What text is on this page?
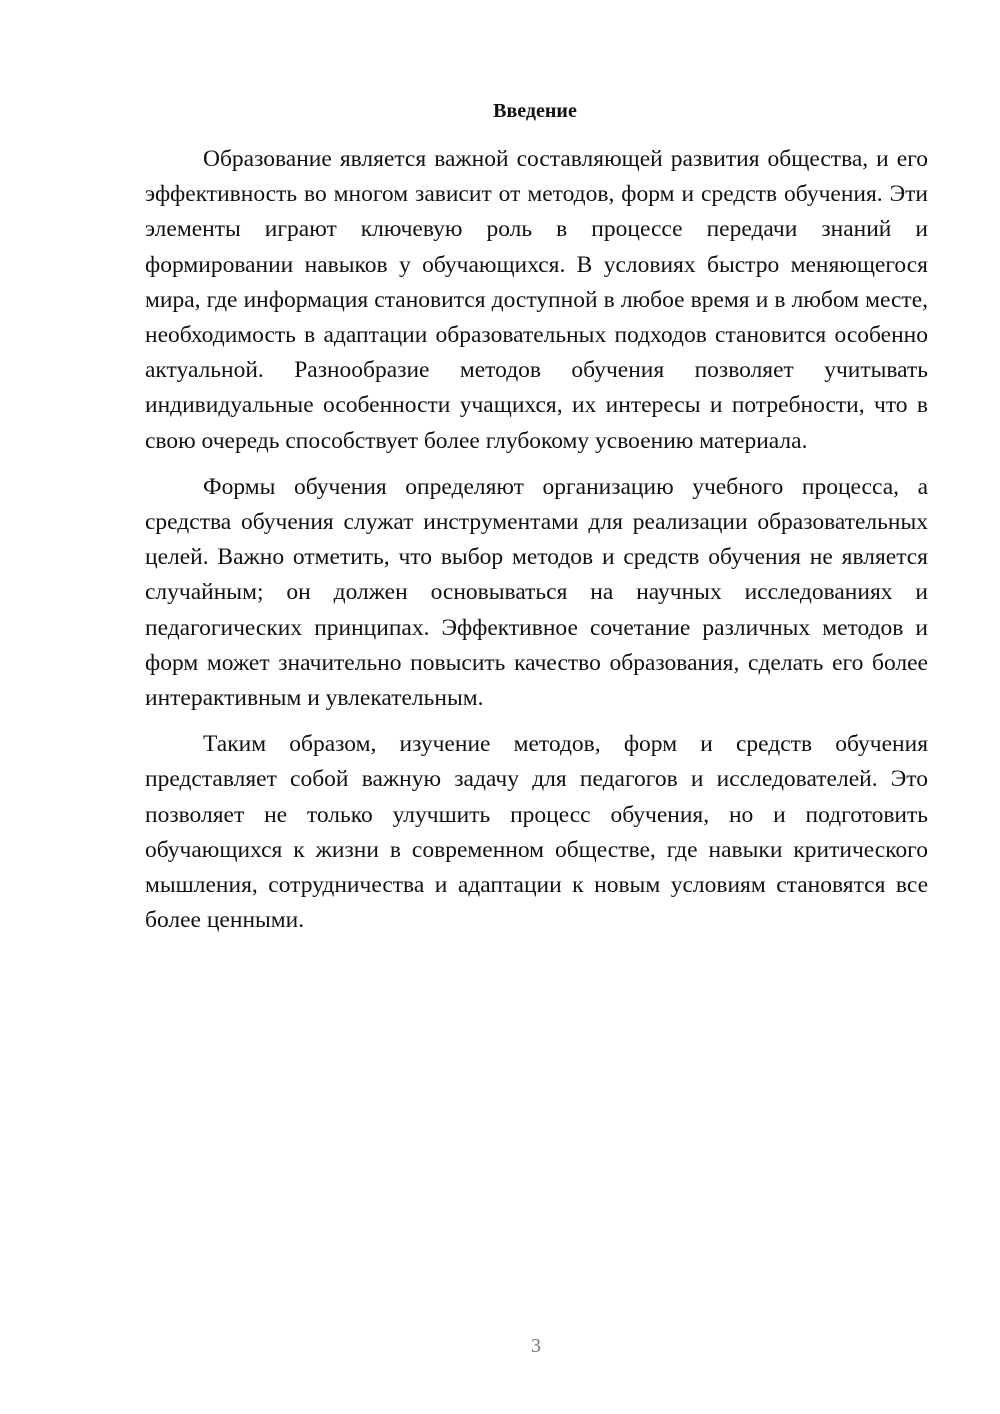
Введение

Образование является важной составляющей развития общества, и его эффективность во многом зависит от методов, форм и средств обучения. Эти элементы играют ключевую роль в процессе передачи знаний и формировании навыков у обучающихся. В условиях быстро меняющегося мира, где информация становится доступной в любое время и в любом месте, необходимость в адаптации образовательных подходов становится особенно актуальной. Разнообразие методов обучения позволяет учитывать индивидуальные особенности учащихся, их интересы и потребности, что в свою очередь способствует более глубокому усвоению материала.

Формы обучения определяют организацию учебного процесса, а средства обучения служат инструментами для реализации образовательных целей. Важно отметить, что выбор методов и средств обучения не является случайным; он должен основываться на научных исследованиях и педагогических принципах. Эффективное сочетание различных методов и форм может значительно повысить качество образования, сделать его более интерактивным и увлекательным.

Таким образом, изучение методов, форм и средств обучения представляет собой важную задачу для педагогов и исследователей. Это позволяет не только улучшить процесс обучения, но и подготовить обучающихся к жизни в современном обществе, где навыки критического мышления, сотрудничества и адаптации к новым условиям становятся все более ценными.

3
